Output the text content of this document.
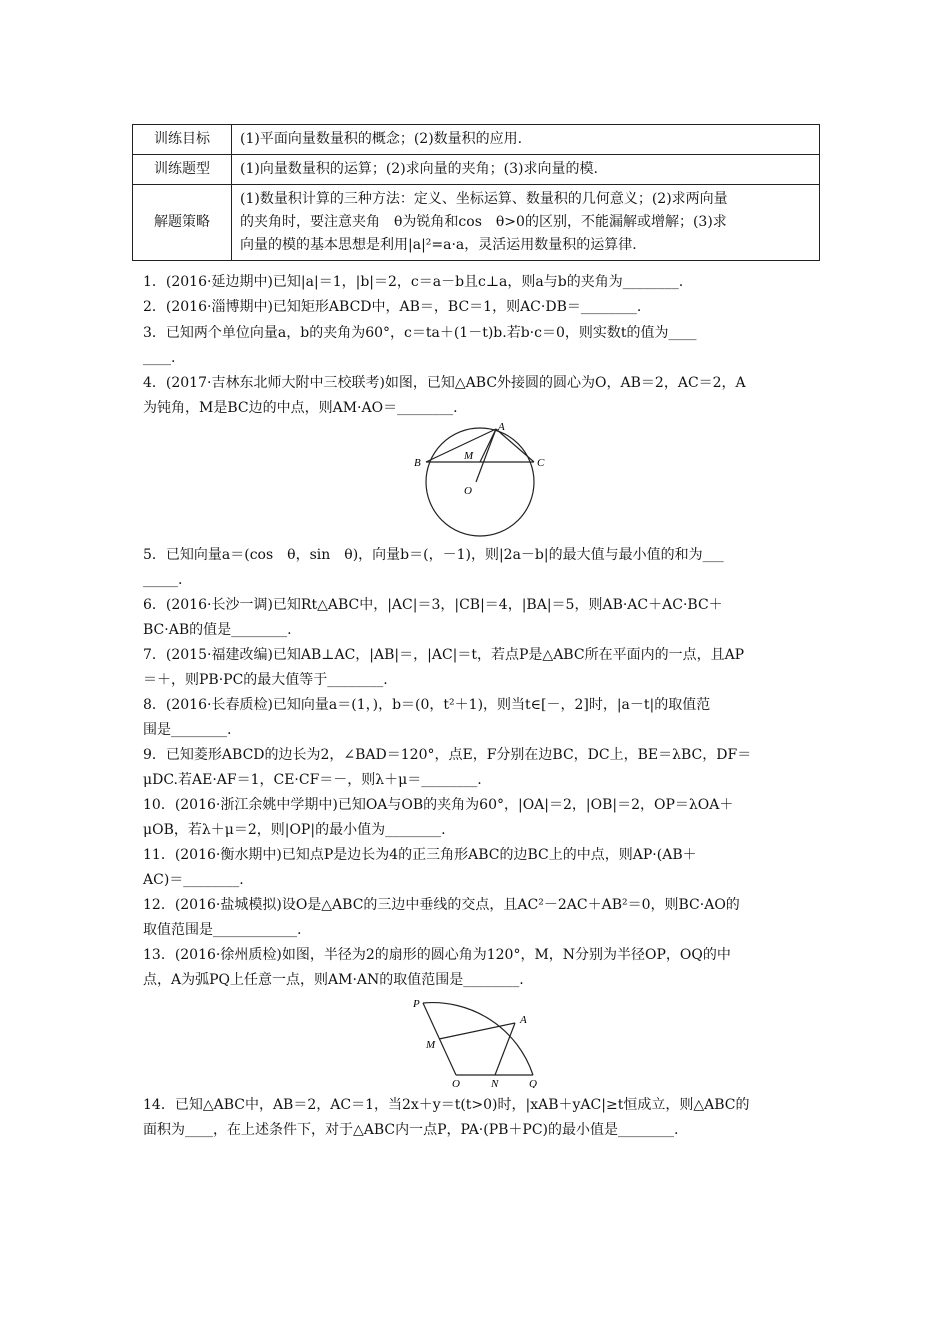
训练目标	(1)平面向量数量积的概念；(2)数量积的应用.
训练题型	(1)向量数量积的运算；(2)求向量的夹角；(3)求向量的模.
解题策略	(1)数量积计算的三种方法：定义、坐标运算、数量积的几何意义；(2)求两向量
的夹角时，要注意夹角　θ为锐角和cos　θ>0的区别，不能漏解或增解；(3)求
向量的模的基本思想是利用|a|²=a·a，灵活运用数量积的运算律.
1．(2016·延边期中)已知|a|＝1，|b|＝2，c＝a－b且c⊥a，则a与b的夹角为________.
2．(2016·淄博期中)已知矩形ABCD中，AB＝，BC＝1，则AC·DB＝________.
3．已知两个单位向量a，b的夹角为60°，c＝ta＋(1－t)b.若b·c＝0，则实数t的值为____
____.
4．(2017·吉林东北师大附中三校联考)如图，已知△ABC外接圆的圆心为O，AB＝2，AC＝2，A
为钝角，M是BC边的中点，则AM·AO＝________.
A
B	C
M
O
5．已知向量a＝(cos　θ，sin　θ)，向量b＝(，－1)，则|2a－b|的最大值与最小值的和为___
_____.
6．(2016·长沙一调)已知Rt△ABC中，|AC|＝3，|CB|＝4，|BA|＝5，则AB·AC＋AC·BC＋
BC·AB的值是________.
7．(2015·福建改编)已知AB⊥AC，|AB|＝，|AC|＝t，若点P是△ABC所在平面内的一点，且AP
＝＋，则PB·PC的最大值等于________.
8．(2016·长春质检)已知向量a＝(1，)，b＝(0，t²＋1)，则当t∈[－，2]时，|a－t|的取值范
围是________.
9．已知菱形ABCD的边长为2，∠BAD＝120°，点E，F分别在边BC，DC上，BE＝λBC，DF＝
μDC.若AE·AF＝1，CE·CF＝－，则λ＋μ＝________.
10．(2016·浙江余姚中学期中)已知OA与OB的夹角为60°，|OA|＝2，|OB|＝2，OP＝λOA＋
μOB，若λ＋μ＝2，则|OP|的最小值为________.
11．(2016·衡水期中)已知点P是边长为4的正三角形ABC的边BC上的中点，则AP·(AB＋
AC)＝________.
12．(2016·盐城模拟)设O是△ABC的三边中垂线的交点，且AC²－2AC＋AB²＝0，则BC·AO的
取值范围是____________.
13．(2016·徐州质检)如图，半径为2的扇形的圆心角为120°，M，N分别为半径OP，OQ的中
点，A为弧PQ上任意一点，则AM·AN的取值范围是________.
P
A
M
O	N	Q
14．已知△ABC中，AB＝2，AC＝1，当2x＋y＝t(t>0)时，|xAB＋yAC|≥t恒成立，则△ABC的
面积为____，在上述条件下，对于△ABC内一点P，PA·(PB＋PC)的最小值是________.
